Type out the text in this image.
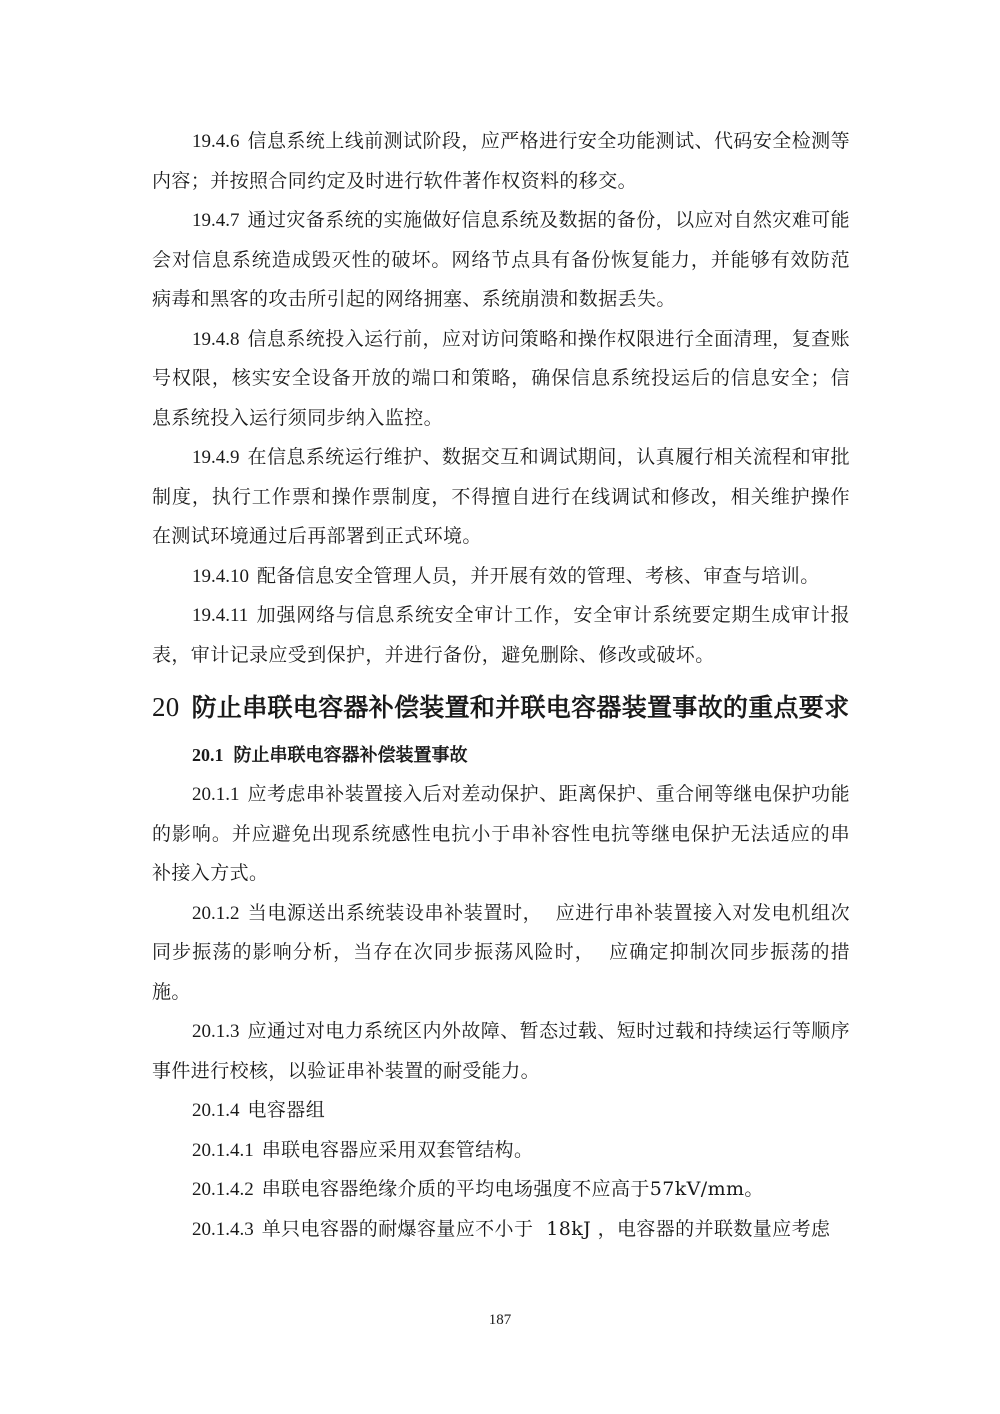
19.4.6 信息系统上线前测试阶段，应严格进行安全功能测试、代码安全检测等内容；并按照合同约定及时进行软件著作权资料的移交。

19.4.7 通过灾备系统的实施做好信息系统及数据的备份，以应对自然灾难可能会对信息系统造成毁灭性的破坏。网络节点具有备份恢复能力，并能够有效防范病毒和黑客的攻击所引起的网络拥塞、系统崩溃和数据丢失。

19.4.8 信息系统投入运行前，应对访问策略和操作权限进行全面清理，复查账号权限，核实安全设备开放的端口和策略，确保信息系统投运后的信息安全；信息系统投入运行须同步纳入监控。

19.4.9 在信息系统运行维护、数据交互和调试期间，认真履行相关流程和审批制度，执行工作票和操作票制度，不得擅自进行在线调试和修改，相关维护操作在测试环境通过后再部署到正式环境。

19.4.10 配备信息安全管理人员，并开展有效的管理、考核、审查与培训。

19.4.11 加强网络与信息系统安全审计工作，安全审计系统要定期生成审计报表，审计记录应受到保护，并进行备份，避免删除、修改或破坏。

20 防止串联电容器补偿装置和并联电容器装置事故的重点要求
20.1 防止串联电容器补偿装置事故

20.1.1 应考虑串补装置接入后对差动保护、距离保护、重合闸等继电保护功能的影响。并应避免出现系统感性电抗小于串补容性电抗等继电保护无法适应的串补接入方式。

20.1.2 当电源送出系统装设串补装置时，  应进行串补装置接入对发电机组次同步振荡的影响分析，当存在次同步振荡风险时，  应确定抑制次同步振荡的措施。

20.1.3 应通过对电力系统区内外故障、暂态过载、短时过载和持续运行等顺序事件进行校核，以验证串补装置的耐受能力。

20.1.4 电容器组

20.1.4.1 串联电容器应采用双套管结构。

20.1.4.2 串联电容器绝缘介质的平均电场强度不应高于57kV/mm。

20.1.4.3 单只电容器的耐爆容量应不小于  18kJ ，电容器的并联数量应考虑

187
